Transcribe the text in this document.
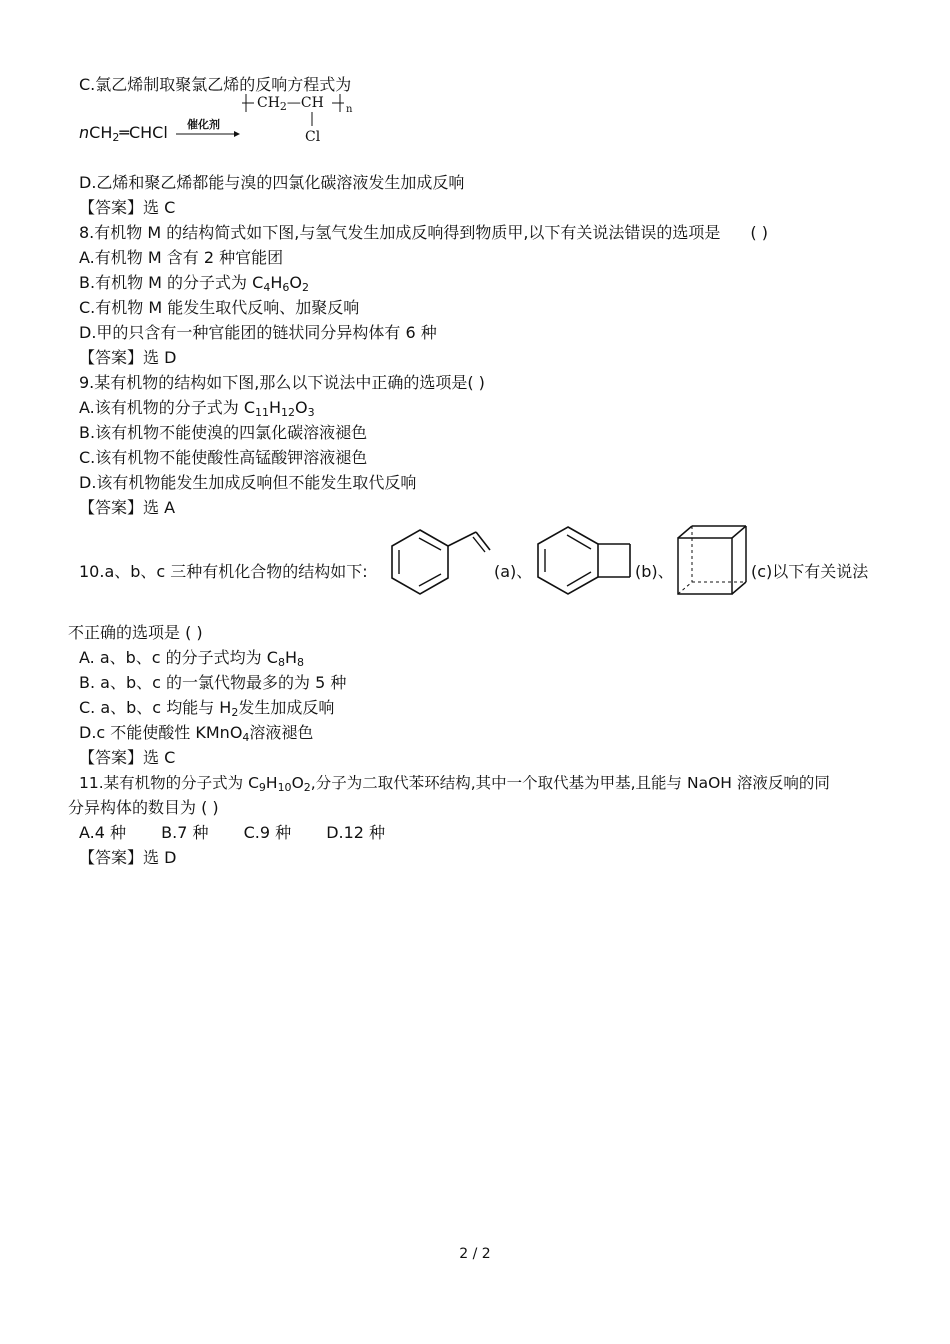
C.氯乙烯制取聚氯乙烯的反响方程式为
$CH_2—CH$ n
Cl
nCH$_2$═CHCl 催化剂
D.乙烯和聚乙烯都能与溴的四氯化碳溶液发生加成反响
【答案】选 C
8.有机物 M 的结构简式如下图,与氢气发生加成反响得到物质甲,以下有关说法错误的选项是 ( )
A.有机物 M 含有 2 种官能团
B.有机物 M 的分子式为 $C_4H_6O_2$
C.有机物 M 能发生取代反响、加聚反响
D.甲的只含有一种官能团的链状同分异构体有 6 种
【答案】选 D
9.某有机物的结构如下图,那么以下说法中正确的选项是( )
A.该有机物的分子式为 $C_{11}H_{12}O_3$
B.该有机物不能使溴的四氯化碳溶液褪色
C.该有机物不能使酸性高锰酸钾溶液褪色
D.该有机物能发生加成反响但不能发生取代反响
【答案】选 A
10.a、b、c 三种有机化合物的结构如下:	(a)、	(b)、	(c)以下有关说法
不正确的选项是 ( )
A. a、b、c 的分子式均为 $C_8H_8$
B. a、b、c 的一氯代物最多的为 5 种
C. a、b、c 均能与 $H_2$发生加成反响
D.c 不能使酸性 KMnO$_4$溶液褪色
【答案】选 C
11.某有机物的分子式为 $C_9H_{10}O_2$,分子为二取代苯环结构,其中一个取代基为甲基,且能与 NaOH 溶液反响的同
分异构体的数目为 ( )
A.4 种 B.7 种 C.9 种 D.12 种
【答案】选 D
2 / 2
